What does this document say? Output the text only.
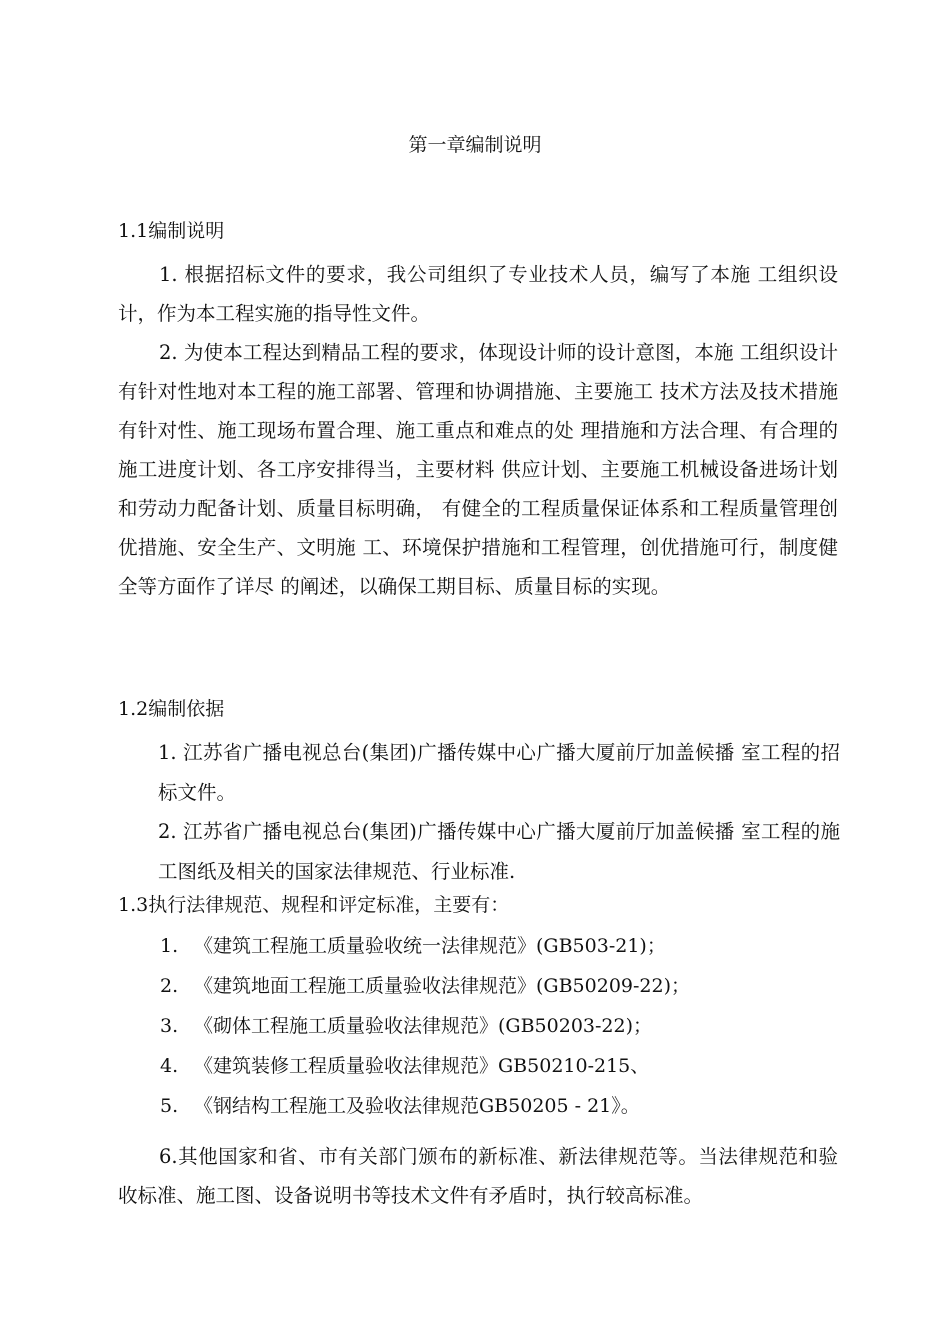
第一章编制说明
1.1编制说明
1. 根据招标文件的要求，我公司组织了专业技术人员，编写了本施 工组织设计，作为本工程实施的指导性文件。
2. 为使本工程达到精品工程的要求，体现设计师的设计意图，本施 工组织设计有针对性地对本工程的施工部署、管理和协调措施、主要施工 技术方法及技术措施有针对性、施工现场布置合理、施工重点和难点的处 理措施和方法合理、有合理的施工进度计划、各工序安排得当，主要材料 供应计划、主要施工机械设备进场计划和劳动力配备计划、质量目标明确， 有健全的工程质量保证体系和工程质量管理创优措施、安全生产、文明施 工、环境保护措施和工程管理，创优措施可行，制度健全等方面作了详尽 的阐述，以确保工期目标、质量目标的实现。
1.2编制依据
1. 江苏省广播电视总台(集团)广播传媒中心广播大厦前厅加盖候播 室工程的招标文件。
2. 江苏省广播电视总台(集团)广播传媒中心广播大厦前厅加盖候播 室工程的施工图纸及相关的国家法律规范、行业标准.
1.3执行法律规范、规程和评定标准，主要有：
1. 《建筑工程施工质量验收统一法律规范》(GB503-21)；
2. 《建筑地面工程施工质量验收法律规范》(GB50209-22)；
3. 《砌体工程施工质量验收法律规范》(GB50203-22)；
4. 《建筑装修工程质量验收法律规范》GB50210-215、
5. 《钢结构工程施工及验收法律规范GB50205 - 21》。
6.其他国家和省、市有关部门颁布的新标准、新法律规范等。当法律规范和验 收标准、施工图、设备说明书等技术文件有矛盾时，执行较高标准。
